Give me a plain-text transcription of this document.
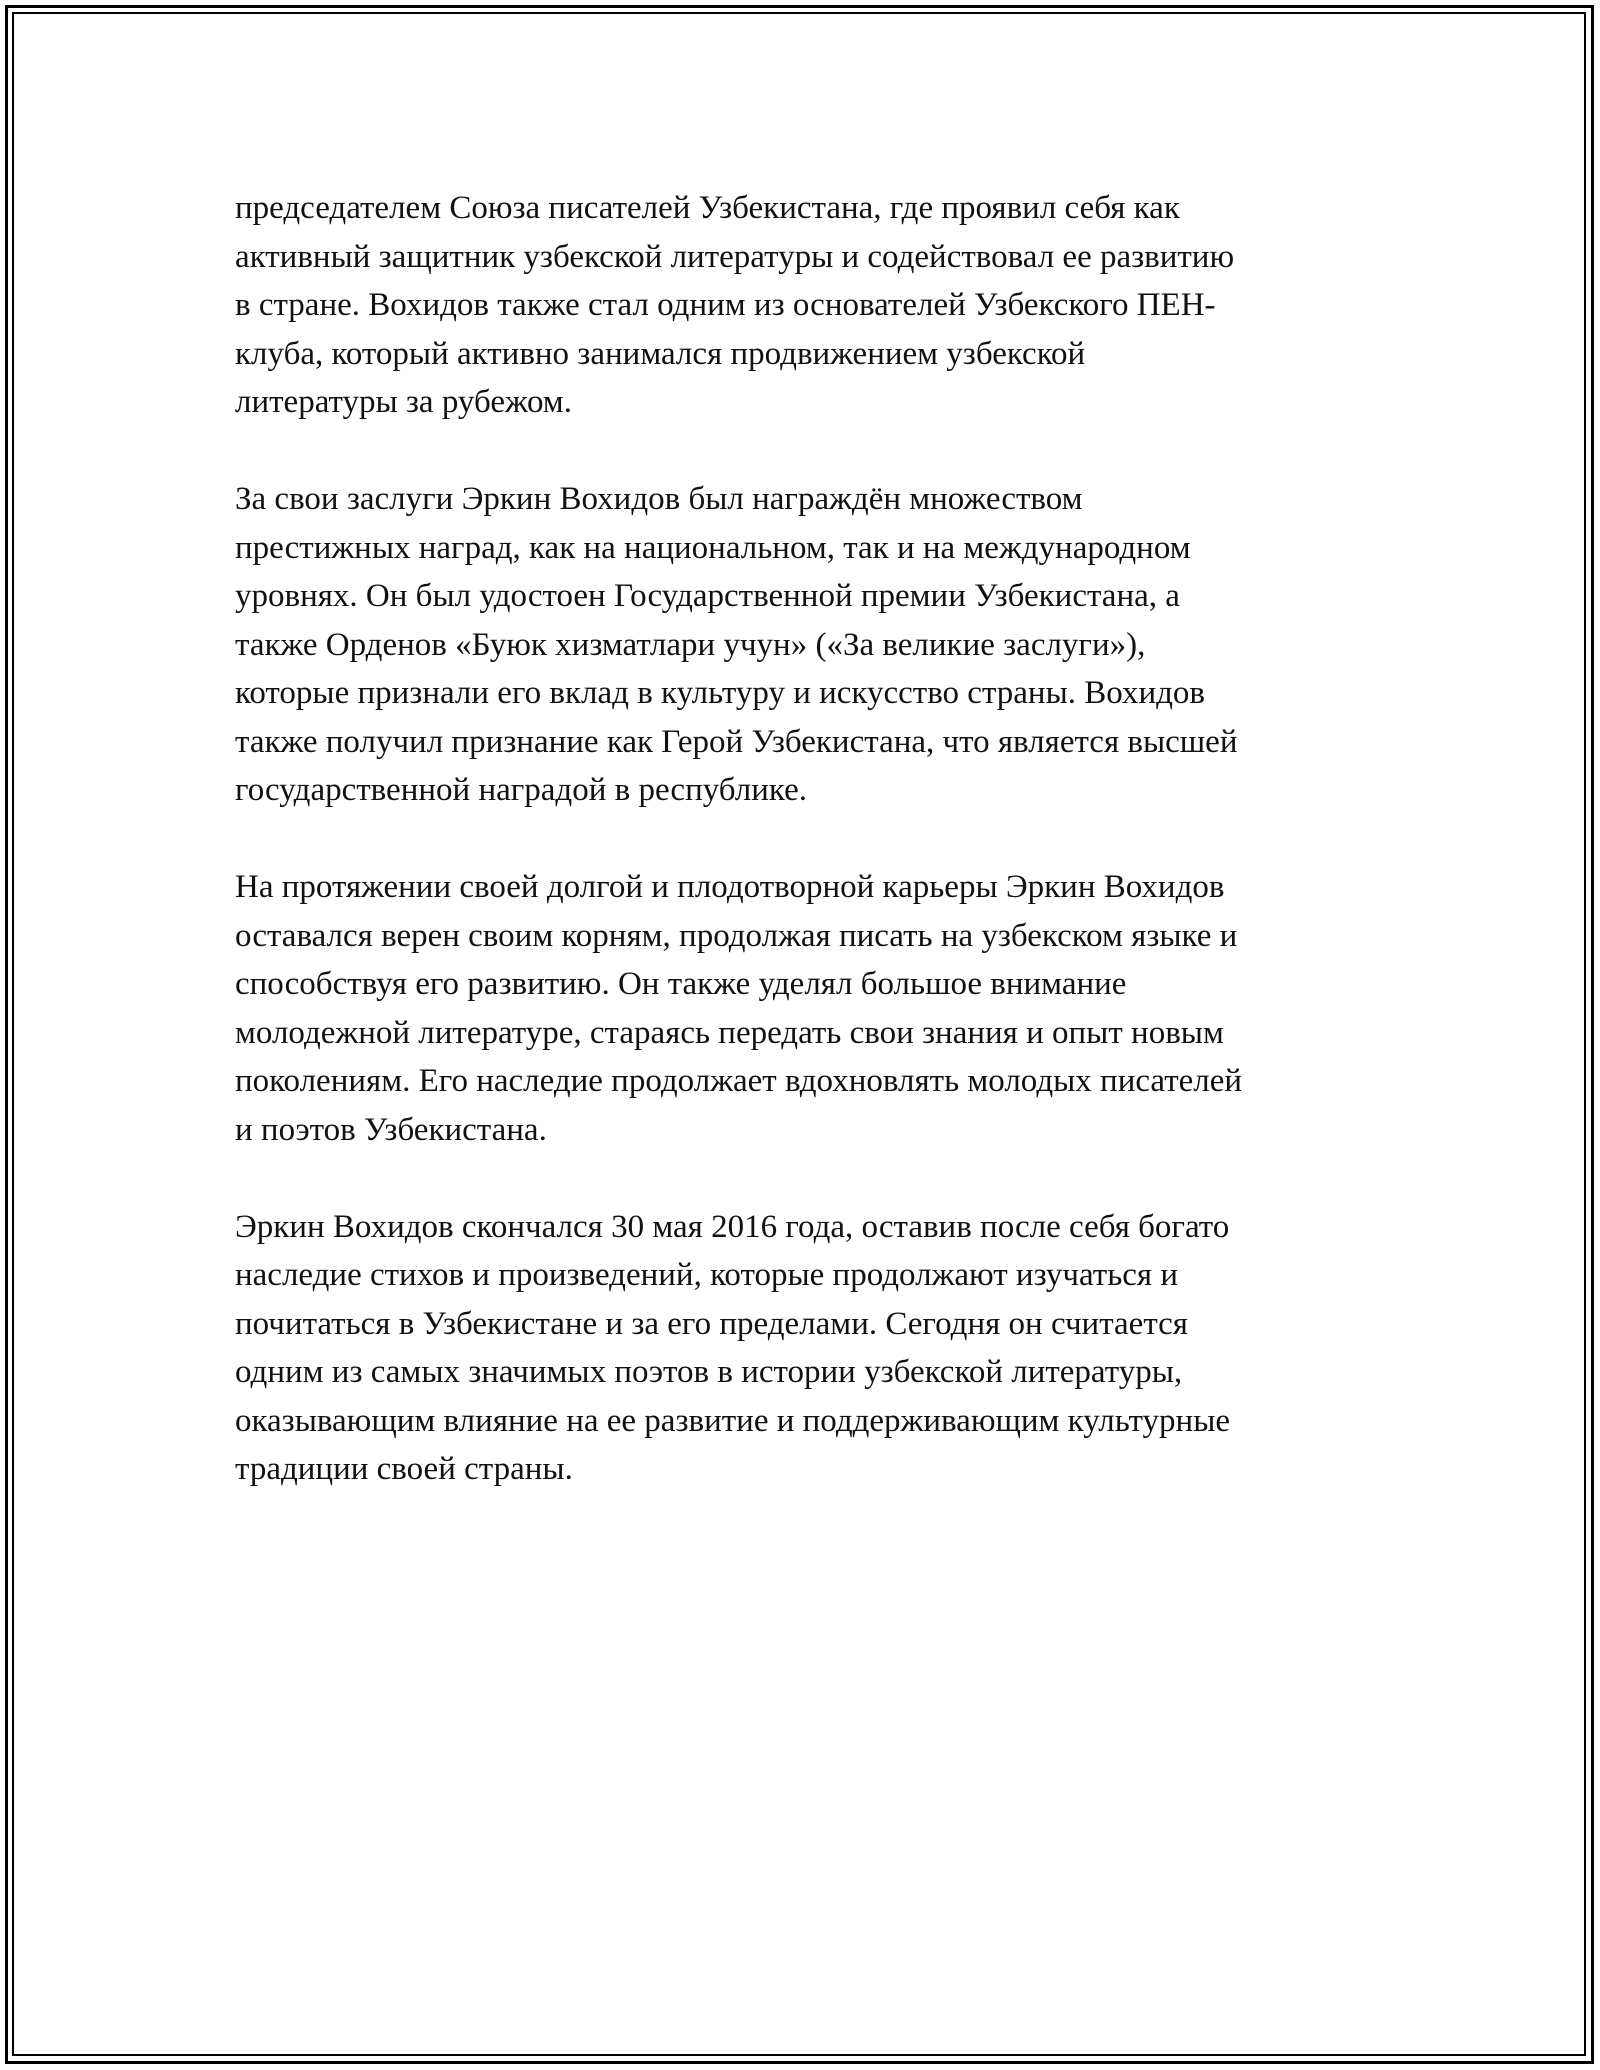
председателем Союза писателей Узбекистана, где проявил себя как
активный защитник узбекской литературы и содействовал ее развитию
в стране. Вохидов также стал одним из основателей Узбекского ПЕН-
клуба, который активно занимался продвижением узбекской
литературы за рубежом.

За свои заслуги Эркин Вохидов был награждён множеством
престижных наград, как на национальном, так и на международном
уровнях. Он был удостоен Государственной премии Узбекистана, а
также Орденов «Буюк хизматлари учун» («За великие заслуги»),
которые признали его вклад в культуру и искусство страны. Вохидов
также получил признание как Герой Узбекистана, что является высшей
государственной наградой в республике.

На протяжении своей долгой и плодотворной карьеры Эркин Вохидов
оставался верен своим корням, продолжая писать на узбекском языке и
способствуя его развитию. Он также уделял большое внимание
молодежной литературе, стараясь передать свои знания и опыт новым
поколениям. Его наследие продолжает вдохновлять молодых писателей
и поэтов Узбекистана.

Эркин Вохидов скончался 30 мая 2016 года, оставив после себя богато
наследие стихов и произведений, которые продолжают изучаться и
почитаться в Узбекистане и за его пределами. Сегодня он считается
одним из самых значимых поэтов в истории узбекской литературы,
оказывающим влияние на ее развитие и поддерживающим культурные
традиции своей страны.
